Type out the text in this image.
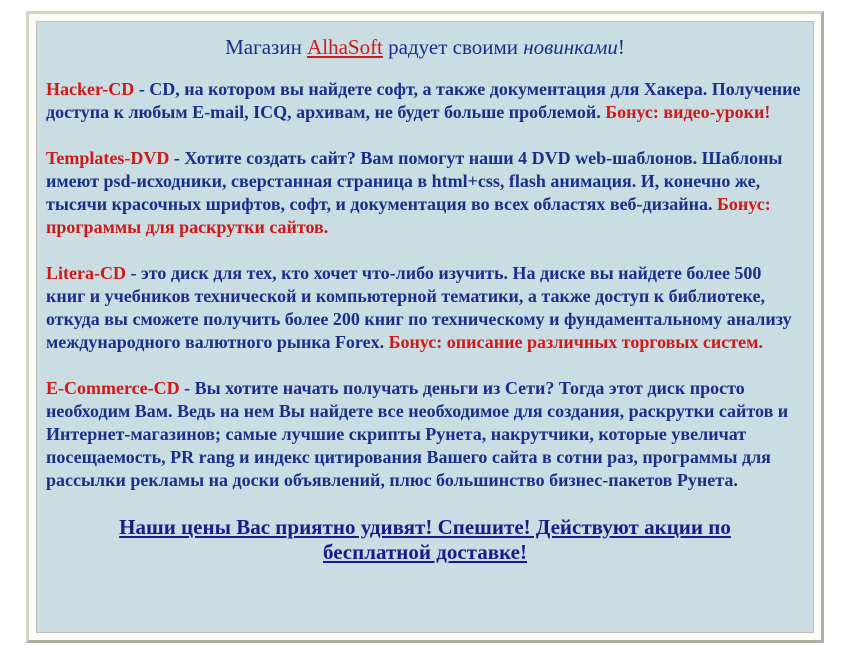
Магазин AlhaSoft радует своими новинками!

Hacker-CD - CD, на котором вы найдете софт, а также документация для Хакера. Получение доступа к любым E-mail, ICQ, архивам, не будет больше проблемой. Бонус: видео-уроки!

Templates-DVD - Хотите создать сайт? Вам помогут наши 4 DVD web-шаблонов. Шаблоны имеют psd-исходники, сверстанная страница в html+css, flash анимация. И, конечно же, тысячи красочных шрифтов, софт, и документация во всех областях веб-дизайна. Бонус: программы для раскрутки сайтов.

Litera-CD - это диск для тех, кто хочет что-либо изучить. На диске вы найдете более 500 книг и учебников технической и компьютерной тематики, а также доступ к библиотеке, откуда вы сможете получить более 200 книг по техническому и фундаментальному анализу международного валютного рынка Forex. Бонус: описание различных торговых систем.

E-Commerce-CD - Вы хотите начать получать деньги из Сети? Тогда этот диск просто необходим Вам. Ведь на нем Вы найдете все необходимое для создания, раскрутки сайтов и Интернет-магазинов; самые лучшие скрипты Рунета, накрутчики, которые увеличат посещаемость, PR rang и индекс цитирования Вашего сайта в сотни раз, программы для рассылки рекламы на доски объявлений, плюс большинство бизнес-пакетов Рунета.

Наши цены Вас приятно удивят! Спешите! Действуют акции по бесплатной доставке!
